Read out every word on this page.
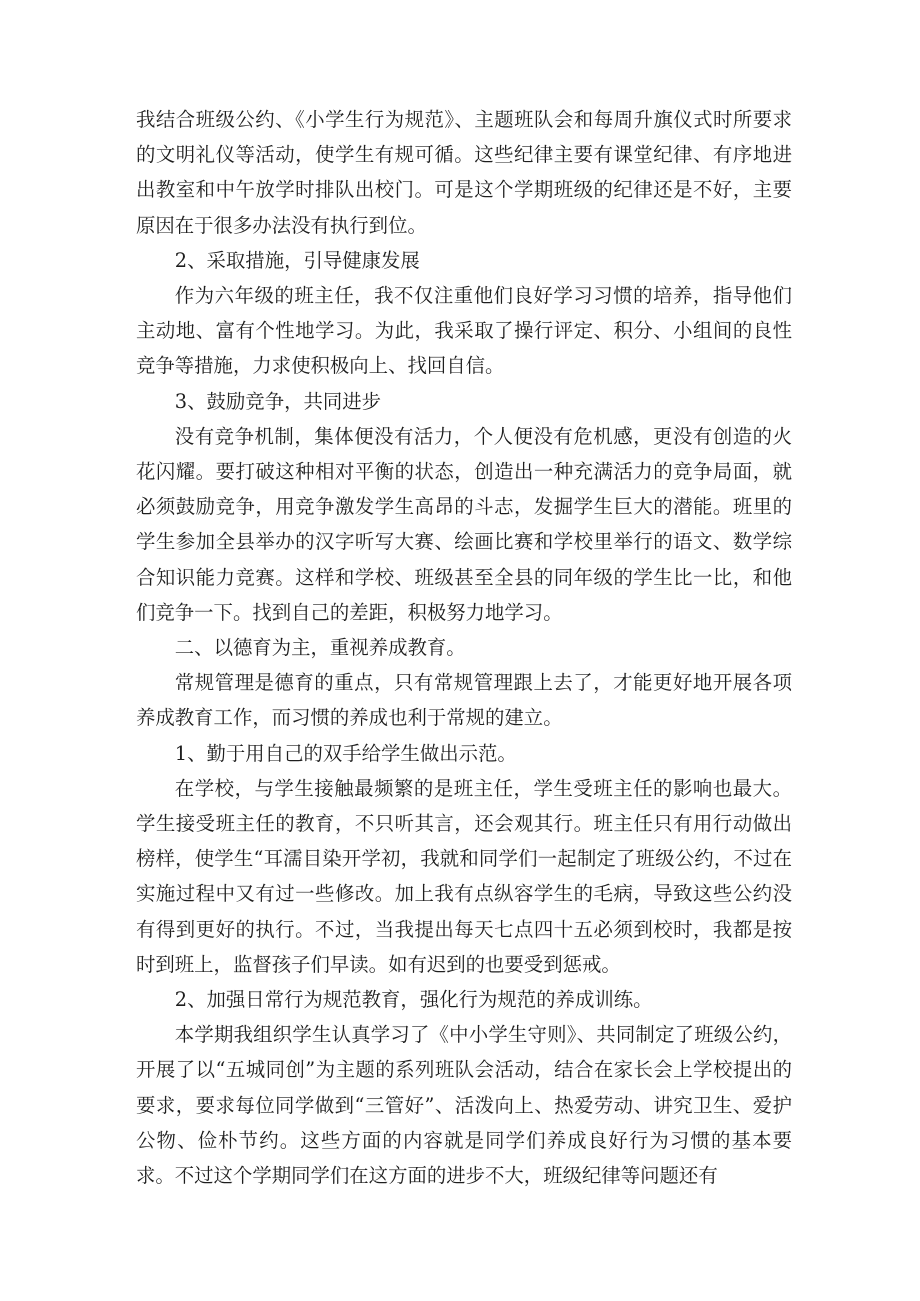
我结合班级公约、《小学生行为规范》、主题班队会和每周升旗仪式时所要求的文明礼仪等活动，使学生有规可循。这些纪律主要有课堂纪律、有序地进出教室和中午放学时排队出校门。可是这个学期班级的纪律还是不好，主要原因在于很多办法没有执行到位。

2、采取措施，引导健康发展

作为六年级的班主任，我不仅注重他们良好学习习惯的培养，指导他们主动地、富有个性地学习。为此，我采取了操行评定、积分、小组间的良性竞争等措施，力求使积极向上、找回自信。

3、鼓励竞争，共同进步

没有竞争机制，集体便没有活力，个人便没有危机感，更没有创造的火花闪耀。要打破这种相对平衡的状态，创造出一种充满活力的竞争局面，就必须鼓励竞争，用竞争激发学生高昂的斗志，发掘学生巨大的潜能。班里的学生参加全县举办的汉字听写大赛、绘画比赛和学校里举行的语文、数学综合知识能力竞赛。这样和学校、班级甚至全县的同年级的学生比一比，和他们竞争一下。找到自己的差距，积极努力地学习。

二、以德育为主，重视养成教育。

常规管理是德育的重点，只有常规管理跟上去了，才能更好地开展各项养成教育工作，而习惯的养成也利于常规的建立。

1、勤于用自己的双手给学生做出示范。

在学校，与学生接触最频繁的是班主任，学生受班主任的影响也最大。学生接受班主任的教育，不只听其言，还会观其行。班主任只有用行动做出榜样，使学生“耳濡目染开学初，我就和同学们一起制定了班级公约，不过在实施过程中又有过一些修改。加上我有点纵容学生的毛病，导致这些公约没有得到更好的执行。不过，当我提出每天七点四十五必须到校时，我都是按时到班上，监督孩子们早读。如有迟到的也要受到惩戒。

2、加强日常行为规范教育，强化行为规范的养成训练。

本学期我组织学生认真学习了《中小学生守则》、共同制定了班级公约，开展了以“五城同创”为主题的系列班队会活动，结合在家长会上学校提出的要求，要求每位同学做到“三管好”、活泼向上、热爱劳动、讲究卫生、爱护公物、俭朴节约。这些方面的内容就是同学们养成良好行为习惯的基本要求。不过这个学期同学们在这方面的进步不大，班级纪律等问题还有
